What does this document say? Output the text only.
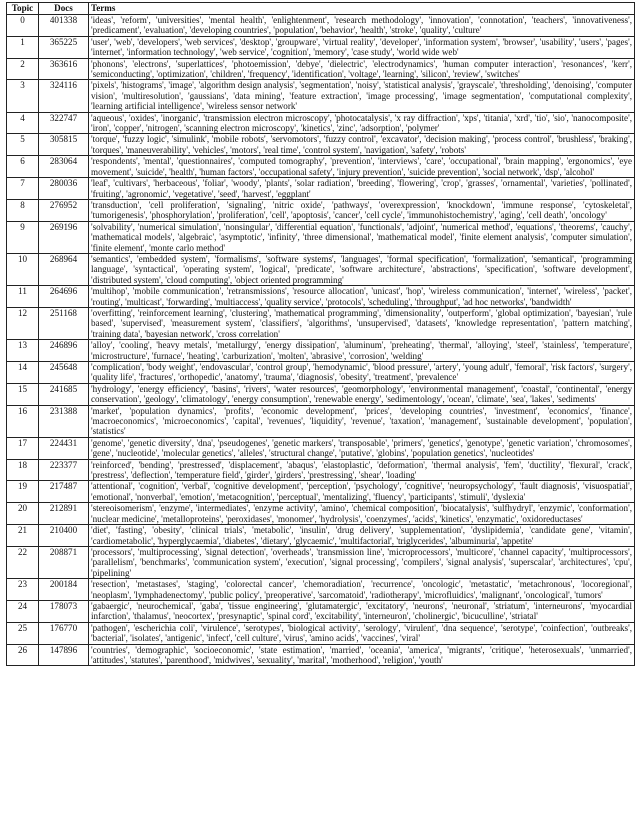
Topic	Docs	Terms
0	401338	'ideas', 'reform', 'universities', 'mental health', 'enlightenment', 'research methodology', 'innovation', 'connotation', 'teachers', 'innovativeness', 'predicament', 'evaluation', 'developing countries', 'population', 'behavior', 'health', 'stroke', 'quality', 'culture'
1	365225	'user', 'web', 'developers', 'web services', 'desktop', 'groupware', 'virtual reality', 'developer', 'information system', 'browser', 'usability', 'users', 'pages', 'internet', 'information technology', 'web service', 'cognition', 'memory', 'case study', 'world wide web'
2	363616	'phonons', 'electrons', 'superlattices', 'photoemission', 'debye', 'dielectric', 'electrodynamics', 'human computer interaction', 'resonances', 'kerr', 'semiconducting', 'optimization', 'children', 'frequency', 'identification', 'voltage', 'learning', 'silicon', 'review', 'switches'
3	324116	'pixels', 'histograms', 'image', 'algorithm design analysis', 'segmentation', 'noisy', 'statistical analysis', 'grayscale', 'thresholding', 'denoising', 'computer vision', 'multiresolution', 'gaussians', 'data mining', 'feature extraction', 'image processing', 'image segmentation', 'computational complexity', 'learning artificial intelligence', 'wireless sensor network'
4	322747	'aqueous', 'oxides', 'inorganic', 'transmission electron microscopy', 'photocatalysis', 'x ray diffraction', 'xps', 'titania', 'xrd', 'tio', 'sio', 'nanocomposite', 'iron', 'copper', 'nitrogen', 'scanning electron microscopy', 'kinetics', 'zinc', 'adsorption', 'polymer'
5	305815	'torque', 'fuzzy logic', 'simulink', 'mobile robots', 'servomotors', 'fuzzy control', 'excavator', 'decision making', 'process control', 'brushless', 'braking', 'torques', 'maneuverability', 'vehicles', 'motors', 'real time', 'control system', 'navigation', 'safety', 'robots'
6	283064	'respondents', 'mental', 'questionnaires', 'computed tomography', 'prevention', 'interviews', 'care', 'occupational', 'brain mapping', 'ergonomics', 'eye movement', 'suicide', 'health', 'human factors', 'occupational safety', 'injury prevention', 'suicide prevention', 'social network', 'dsp', 'alcohol'
7	280036	'leaf', 'cultivars', 'herbaceous', 'foliar', 'woody', 'plants', 'solar radiation', 'breeding', 'flowering', 'crop', 'grasses', 'ornamental', 'varieties', 'pollinated', 'fruiting', 'agronomic', 'vegetative', 'seed', 'harvest', 'eggplant'
8	276952	'transduction', 'cell proliferation', 'signaling', 'nitric oxide', 'pathways', 'overexpression', 'knockdown', 'immune response', 'cytoskeletal', 'tumorigenesis', 'phosphorylation', 'proliferation', 'cell', 'apoptosis', 'cancer', 'cell cycle', 'immunohistochemistry', 'aging', 'cell death', 'oncology'
9	269196	'solvability', 'numerical simulation', 'nonsingular', 'differential equation', 'functionals', 'adjoint', 'numerical method', 'equations', 'theorems', 'cauchy', 'mathematical models', 'algebraic', 'asymptotic', 'infinity', 'three dimensional', 'mathematical model', 'finite element analysis', 'computer simulation', 'finite element', 'monte carlo method'
10	268964	'semantics', 'embedded system', 'formalisms', 'software systems', 'languages', 'formal specification', 'formalization', 'semantical', 'programming language', 'syntactical', 'operating system', 'logical', 'predicate', 'software architecture', 'abstractions', 'specification', 'software development', 'distributed system', 'cloud computing', 'object oriented programming'
11	264696	'multihop', 'mobile communication', 'retransmissions', 'resource allocation', 'unicast', 'hop', 'wireless communication', 'internet', 'wireless', 'packet', 'routing', 'multicast', 'forwarding', 'multiaccess', 'quality service', 'protocols', 'scheduling', 'throughput', 'ad hoc networks', 'bandwidth'
12	251168	'overfitting', 'reinforcement learning', 'clustering', 'mathematical programming', 'dimensionality', 'outperform', 'global optimization', 'bayesian', 'rule based', 'supervised', 'measurement system', 'classifiers', 'algorithms', 'unsupervised', 'datasets', 'knowledge representation', 'pattern matching', 'training data', 'bayesian network', 'cross correlation'
13	246896	'alloy', 'cooling', 'heavy metals', 'metallurgy', 'energy dissipation', 'aluminum', 'preheating', 'thermal', 'alloying', 'steel', 'stainless', 'temperature', 'microstructure', 'furnace', 'heating', 'carburization', 'molten', 'abrasive', 'corrosion', 'welding'
14	245648	'complication', 'body weight', 'endovascular', 'control group', 'hemodynamic', 'blood pressure', 'artery', 'young adult', 'femoral', 'risk factors', 'surgery', 'quality life', 'fractures', 'orthopedic', 'anatomy', 'trauma', 'diagnosis', 'obesity', 'treatment', 'prevalence'
15	241685	'hydrology', 'energy efficiency', 'basins', 'rivers', 'water resources', 'geomorphology', 'environmental management', 'coastal', 'continental', 'energy conservation', 'geology', 'climatology', 'energy consumption', 'renewable energy', 'sedimentology', 'ocean', 'climate', 'sea', 'lakes', 'sediments'
16	231388	'market', 'population dynamics', 'profits', 'economic development', 'prices', 'developing countries', 'investment', 'economics', 'finance', 'macroeconomics', 'microeconomics', 'capital', 'revenues', 'liquidity', 'revenue', 'taxation', 'management', 'sustainable development', 'population', 'statistics'
17	224431	'genome', 'genetic diversity', 'dna', 'pseudogenes', 'genetic markers', 'transposable', 'primers', 'genetics', 'genotype', 'genetic variation', 'chromosomes', 'gene', 'nucleotide', 'molecular genetics', 'alleles', 'structural change', 'putative', 'globins', 'population genetics', 'nucleotides'
18	223377	'reinforced', 'bending', 'prestressed', 'displacement', 'abaqus', 'elastoplastic', 'deformation', 'thermal analysis', 'fem', 'ductility', 'flexural', 'crack', 'prestress', 'deflection', 'temperature field', 'girder', 'girders', 'prestressing', 'shear', 'loading'
19	217487	'attentional', 'cognition', 'verbal', 'cognitive development', 'perception', 'psychology', 'cognitive', 'neuropsychology', 'fault diagnosis', 'visuospatial', 'emotional', 'nonverbal', 'emotion', 'metacognition', 'perceptual', 'mentalizing', 'fluency', 'participants', 'stimuli', 'dyslexia'
20	212891	'stereoisomerism', 'enzyme', 'intermediates', 'enzyme activity', 'amino', 'chemical composition', 'biocatalysis', 'sulfhydryl', 'enzymic', 'conformation', 'nuclear medicine', 'metalloproteins', 'peroxidases', 'monomer', 'hydrolysis', 'coenzymes', 'acids', 'kinetics', 'enzymatic', 'oxidoreductases'
21	210400	'diet', 'fasting', 'obesity', 'clinical trials', 'metabolic', 'insulin', 'drug delivery', 'supplementation', 'dyslipidemia', 'candidate gene', 'vitamin', 'cardiometabolic', 'hyperglycaemia', 'diabetes', 'dietary', 'glycaemic', 'multifactorial', 'triglycerides', 'albuminuria', 'appetite'
22	208871	'processors', 'multiprocessing', 'signal detection', 'overheads', 'transmission line', 'microprocessors', 'multicore', 'channel capacity', 'multiprocessors', 'parallelism', 'benchmarks', 'communication system', 'execution', 'signal processing', 'compilers', 'signal analysis', 'superscalar', 'architectures', 'cpu', 'pipelining'
23	200184	'resection', 'metastases', 'staging', 'colorectal cancer', 'chemoradiation', 'recurrence', 'oncologic', 'metastatic', 'metachronous', 'locoregional', 'neoplasm', 'lymphadenectomy', 'public policy', 'preoperative', 'sarcomatoid', 'radiotherapy', 'microfluidics', 'malignant', 'oncological', 'tumors'
24	178073	'gabaergic', 'neurochemical', 'gaba', 'tissue engineering', 'glutamatergic', 'excitatory', 'neurons', 'neuronal', 'striatum', 'interneurons', 'myocardial infarction', 'thalamus', 'neocortex', 'presynaptic', 'spinal cord', 'excitability', 'interneuron', 'cholinergic', 'bicuculline', 'striatal'
25	176770	'pathogen', 'escherichia coli', 'virulence', 'serotypes', 'biological activity', 'serology', 'virulent', 'dna sequence', 'serotype', 'coinfection', 'outbreaks', 'bacterial', 'isolates', 'antigenic', 'infect', 'cell culture', 'virus', 'amino acids', 'vaccines', 'viral'
26	147896	'countries', 'demographic', 'socioeconomic', 'state estimation', 'married', 'oceania', 'america', 'migrants', 'critique', 'heterosexuals', 'unmarried', 'attitudes', 'statutes', 'parenthood', 'midwives', 'sexuality', 'marital', 'motherhood', 'religion', 'youth'
